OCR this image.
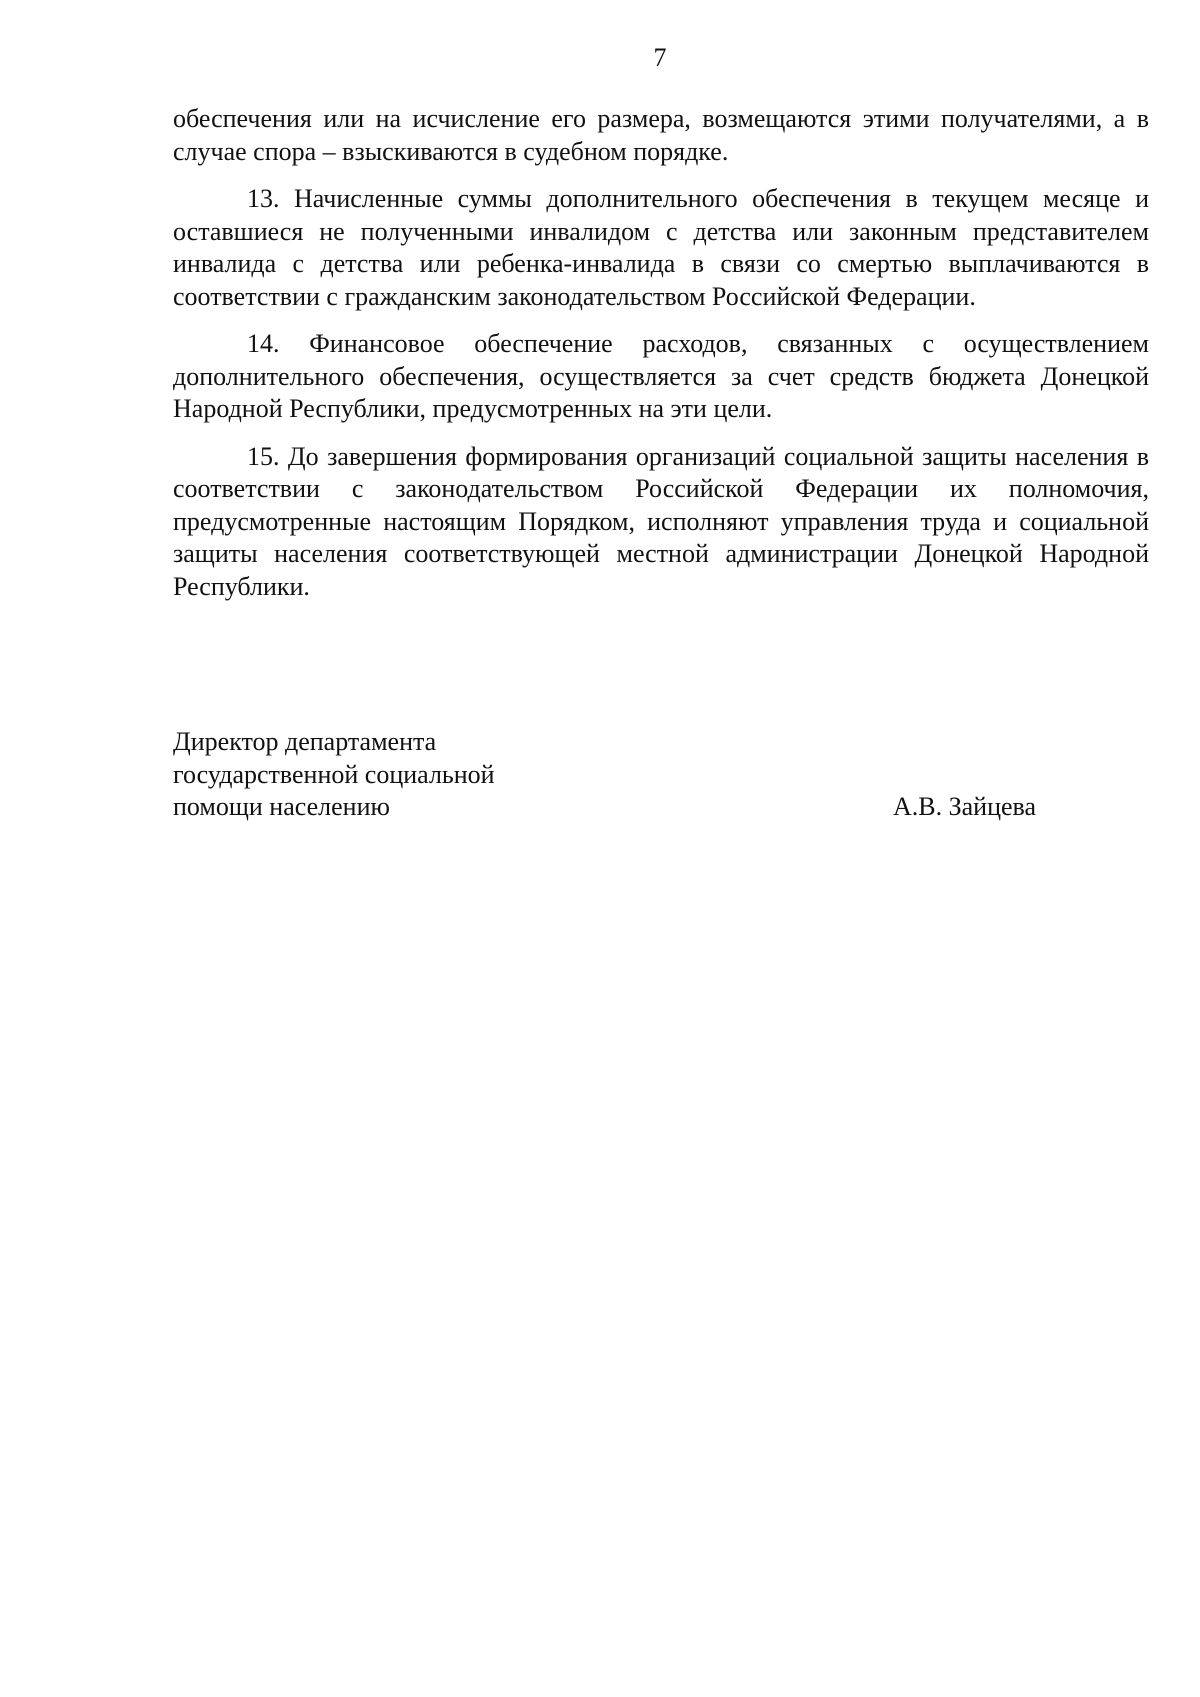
7

обеспечения или на исчисление его размера, возмещаются этими получателями, а в случае спора – взыскиваются в судебном порядке.

13. Начисленные суммы дополнительного обеспечения в текущем месяце и оставшиеся не полученными инвалидом с детства или законным представителем инвалида с детства или ребенка-инвалида в связи со смертью выплачиваются в соответствии с гражданским законодательством Российской Федерации.

14. Финансовое обеспечение расходов, связанных с осуществлением дополнительного обеспечения, осуществляется за счет средств бюджета Донецкой Народной Республики, предусмотренных на эти цели.

15. До завершения формирования организаций социальной защиты населения в соответствии с законодательством Российской Федерации их полномочия, предусмотренные настоящим Порядком, исполняют управления труда и социальной защиты населения соответствующей местной администрации Донецкой Народной Республики.

Директор департамента
государственной социальной
помощи населению	А.В. Зайцева
